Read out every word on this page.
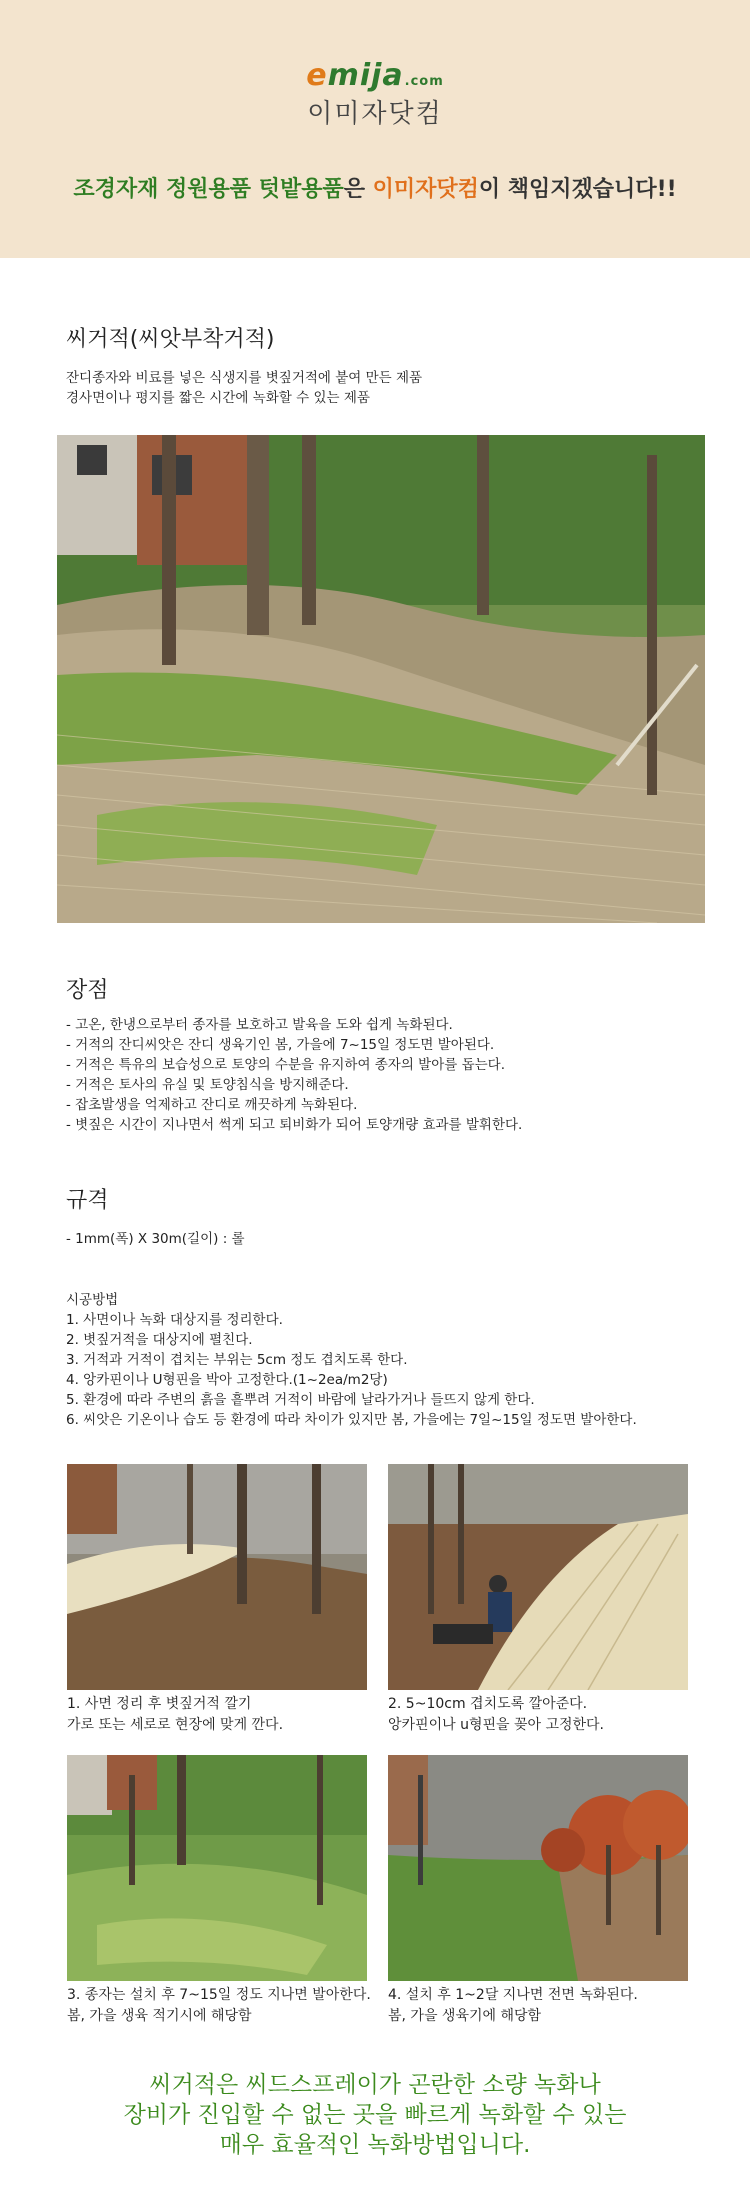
emija.com
이미자닷컴
조경자재 정원용품 텃밭용품은 이미자닷컴이 책임지겠습니다!!
씨거적(씨앗부착거적)
잔디종자와 비료를 넣은 식생지를 볏짚거적에 붙여 만든 제품
경사면이나 평지를 짧은 시간에 녹화할 수 있는 제품
장점
- 고온, 한냉으로부터 종자를 보호하고 발육을 도와 쉽게 녹화된다.
- 거적의 잔디씨앗은 잔디 생육기인 봄, 가을에 7~15일 정도면 발아된다.
- 거적은 특유의 보습성으로 토양의 수분을 유지하여 종자의 발아를 돕는다.
- 거적은 토사의 유실 및 토양침식을 방지해준다.
- 잡초발생을 억제하고 잔디로 깨끗하게 녹화된다.
- 볏짚은 시간이 지나면서 썩게 되고 퇴비화가 되어 토양개량 효과를 발휘한다.
규격
- 1mm(폭) X 30m(길이) : 롤
시공방법
1. 사면이나 녹화 대상지를 정리한다.
2. 볏짚거적을 대상지에 펼친다.
3. 거적과 거적이 겹치는 부위는 5cm 정도 겹치도록 한다.
4. 앙카핀이나 U형핀을 박아 고정한다.(1~2ea/m2당)
5. 환경에 따라 주변의 흙을 흩뿌려 거적이 바람에 날라가거나 들뜨지 않게 한다.
6. 씨앗은 기온이나 습도 등 환경에 따라 차이가 있지만 봄, 가을에는 7일~15일 정도면 발아한다.
1. 사면 정리 후 볏짚거적 깔기
가로 또는 세로로 현장에 맞게 깐다.
2. 5~10cm 겹치도록 깔아준다.
앙카핀이나 u형핀을 꽂아 고정한다.
3. 종자는 설치 후 7~15일 정도 지나면 발아한다.
봄, 가을 생육 적기시에 해당함
4. 설치 후 1~2달 지나면 전면 녹화된다.
봄, 가을 생육기에 해당함
씨거적은 씨드스프레이가 곤란한 소량 녹화나
장비가 진입할 수 없는 곳을 빠르게 녹화할 수 있는
매우 효율적인 녹화방법입니다.
